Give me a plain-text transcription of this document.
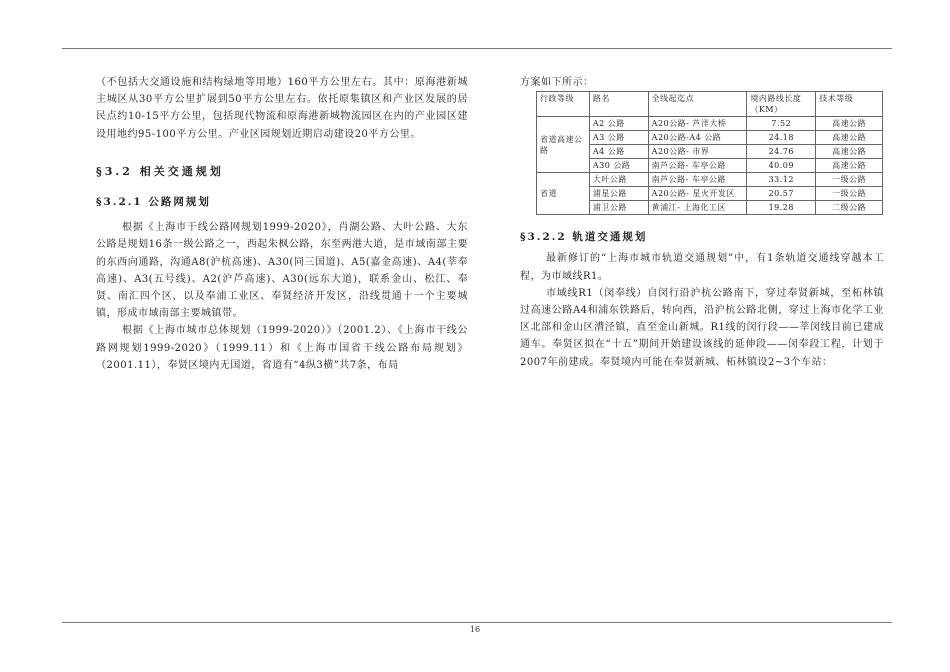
（不包括大交通设施和结构绿地等用地）160平方公里左右。其中：原海港新城主城区从30平方公里扩展到50平方公里左右。依托原集镇区和产业区发展的居民点约10-15平方公里，包括现代物流和原海港新城物流园区在内的产业园区建设用地约95-100平方公里。产业区园规划近期启动建设20平方公里。

§3.2 相关交通规划
§3.2.1 公路网规划

根据《上海市干线公路网规划1999-2020》，肖湖公路、大叶公路、大东公路是规划16条一级公路之一，西起朱枫公路，东至两港大道，是市域南部主要的东西向通路，沟通A8(沪杭高速)、A30(同三国道)、A5(嘉金高速)、A4(莘奉高速)、A3(五号线)、A2(沪芦高速)、A30(远东大道)，联系金山、松江、奉贤、南汇四个区，以及奉浦工业区、奉贤经济开发区，沿线贯通十一个主要城镇，形成市域南部主要城镇带。

根据《上海市城市总体规划（1999-2020）》（2001.2）、《上海市干线公路网规划1999-2020》（1999.11）和《上海市国省干线公路布局规划》（2001.11），奉贤区境内无国道，省道有“4纵3横”共7条，布局

方案如下所示：

行政等级	路名	全线起迄点	境内路线长度（KM）	技术等级
省道高速公路	A2 公路	A20公路- 芦洋大桥	7.52	高速公路
	A3 公路	A20公路-A4 公路	24.18	高速公路
	A4 公路	A20公路- 市界	24.76	高速公路
	A30 公路	南芦公路- 车亭公路	40.09	高速公路
省道	大叶公路	南芦公路- 车亭公路	33.12	一级公路
	浦星公路	A20公路- 星火开发区	20.57	一级公路
	浦卫公路	黄浦江- 上海化工区	19.28	二级公路
§3.2.2 轨道交通规划

最新修订的“上海市城市轨道交通规划”中，有1条轨道交通线穿越本工程，为市域线R1。

市域线R1（闵奉线）自闵行沿沪杭公路南下，穿过奉贤新城，至柘林镇过高速公路A4和浦东铁路后，转向西，沿沪杭公路北侧，穿过上海市化学工业区北部和金山区漕泾镇，直至金山新城。R1线的闵行段——莘闵线目前已建成通车。奉贤区拟在“十五”期间开始建设该线的延伸段——闵奉段工程，计划于2007年前建成。奉贤境内可能在奉贤新城、柘林镇设2~3个车站：

16
